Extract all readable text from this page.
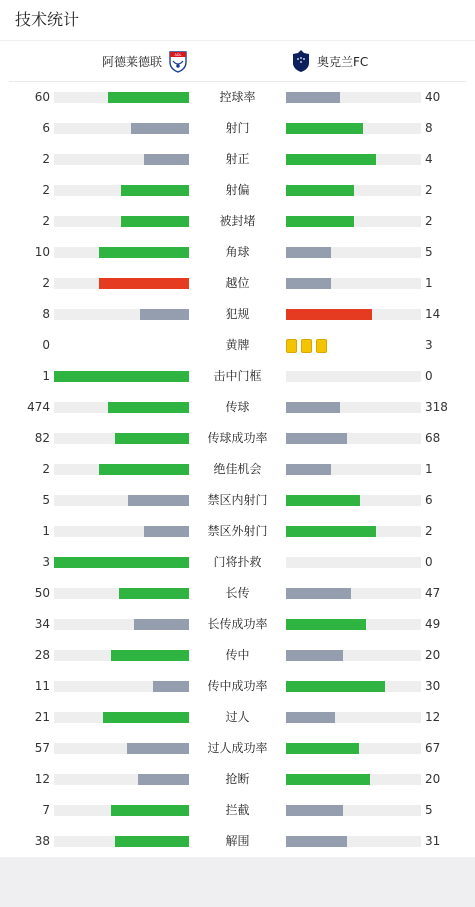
技术统计
阿德莱德联	ADL	奥克兰FC
60	控球率	40
6	射门	8
2	射正	4
2	射偏	2
2	被封堵	2
10	角球	5
2	越位	1
8	犯规	14
0	黄牌	3
1	击中门框	0
474	传球	318
82	传球成功率	68
2	绝佳机会	1
5	禁区内射门	6
1	禁区外射门	2
3	门将扑救	0
50	长传	47
34	长传成功率	49
28	传中	20
11	传中成功率	30
21	过人	12
57	过人成功率	67
12	抢断	20
7	拦截	5
38	解围	31
